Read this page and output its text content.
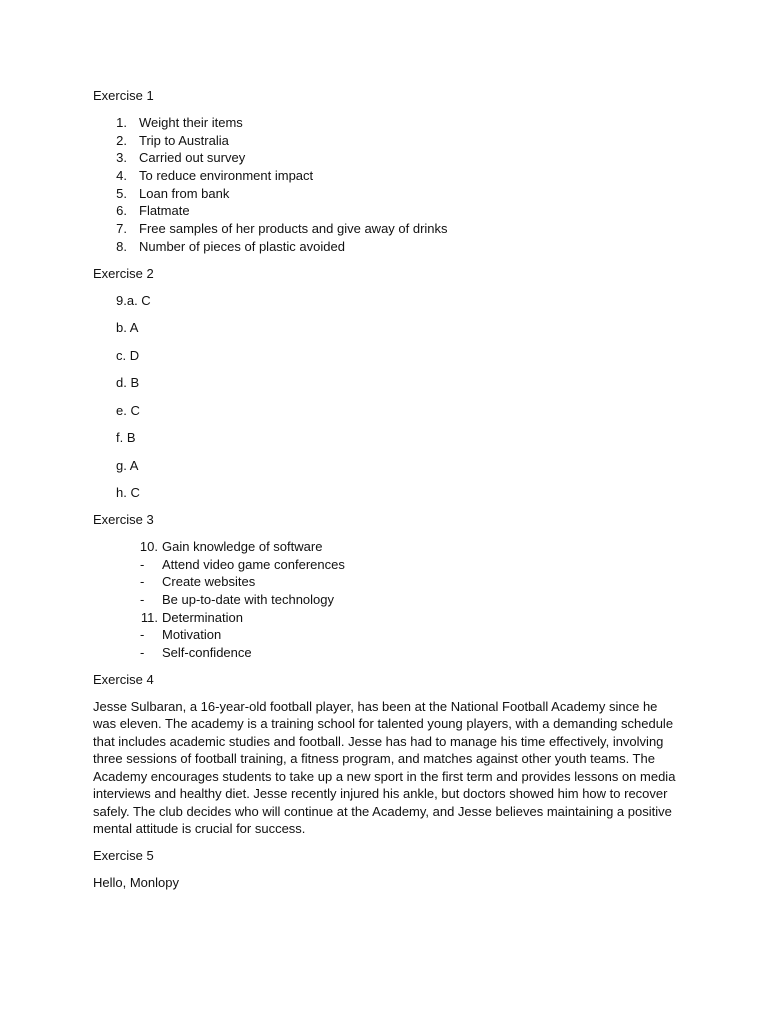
Exercise 1
1. Weight their items
2. Trip to Australia
3. Carried out survey
4. To reduce environment impact
5. Loan from bank
6. Flatmate
7. Free samples of her products and give away of drinks
8. Number of pieces of plastic avoided
Exercise 2
9.a. C
b. A
c. D
d. B
e. C
f. B
g. A
h. C
Exercise 3
10. Gain knowledge of software
-	Attend video game conferences
-	Create websites
-	Be up-to-date with technology
11. Determination
-	Motivation
-	Self-confidence
Exercise 4

Jesse Sulbaran, a 16-year-old football player, has been at the National Football Academy since he was eleven. The academy is a training school for talented young players, with a demanding schedule that includes academic studies and football. Jesse has had to manage his time effectively, involving three sessions of football training, a fitness program, and matches against other youth teams. The Academy encourages students to take up a new sport in the first term and provides lessons on media interviews and healthy diet. Jesse recently injured his ankle, but doctors showed him how to recover safely. The club decides who will continue at the Academy, and Jesse believes maintaining a positive mental attitude is crucial for success.

Exercise 5
Hello, Monlopy
